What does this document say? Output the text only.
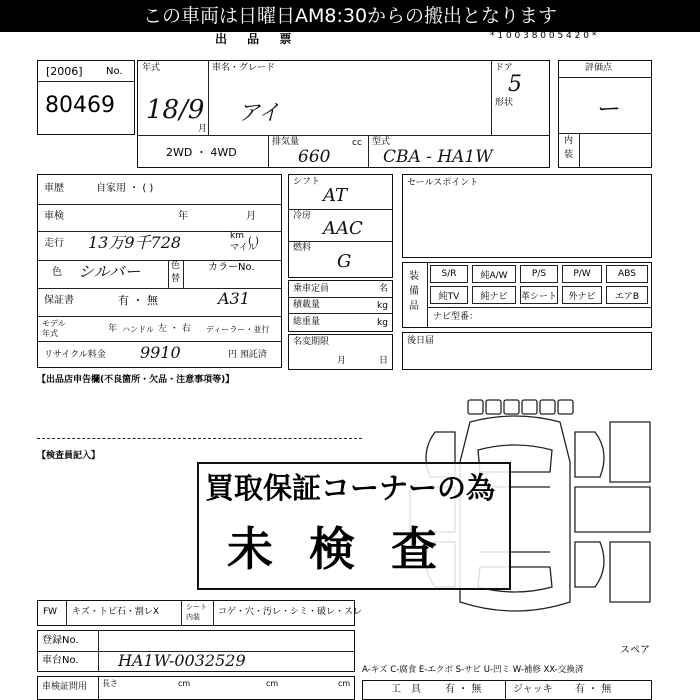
この車両は日曜日AM8:30からの搬出となります
出 品 票	* 1 0 0 3 8 0 0 5 4 2 0 *
[2006] No.
80469
年式
18/9
月
車名・グレード
アイ
ドア
5
形状
2WD ・ 4WD
排気量
660
cc 型式
CBA - HA1W
評価点
ー
内
装
車歴	自家用 ・ ( )
車検	年	月
走行 13万9千728	km
マイル
( )
色 シルバー	色
替
カラーNo.
保証書	有 ・ 無	A31
モデル
年式	年 ハンドル 左 ・ 右 ディーラー・並行
リサイクル料金 9910	円 預託済
シフト
AT
冷房
AAC
燃料
G
乗車定員	名
積載量	kg
総重量	kg
名変期限
月	日
セールスポイント
装備品
ナビ型番：
S/R	純A/W	P/S	P/W	ABS
純TV	純ナビ	革シート	外ナビ	エアB
後日届
【出品店申告欄(不良箇所・欠品・注意事項等)】
【検査員記入】
スペア
買取保証コーナーの為
未 検 査
FW キズ・トビ石・割レX	シート
内装 コゲ・穴・汚レ・シミ・破レ・スレ
登録No.
車台No. HA1W-0032529
車検証問用 長さ	cm	cm	cm
A-キズ C-腐食 E-エクボ S-サビ U-凹ミ W-補修 XX-交換済
工　具 有 ・ 無	ジャッキ 有 ・ 無
